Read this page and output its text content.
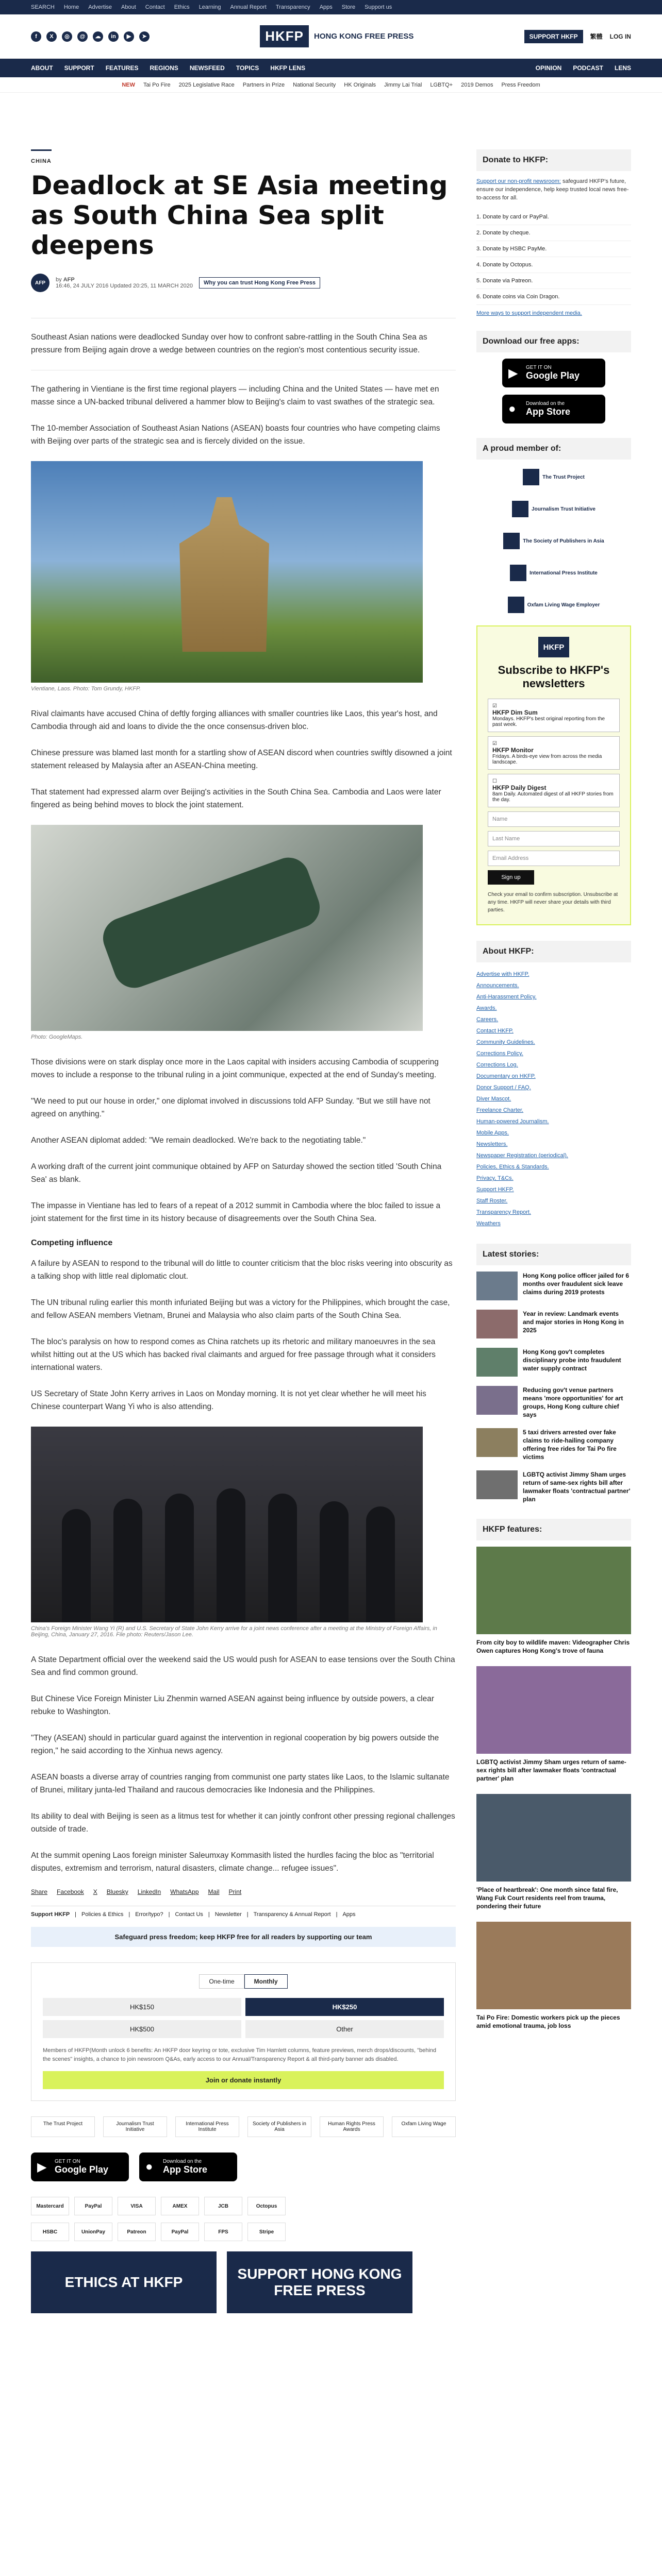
SEARCH Home Advertise About Contact Ethics Learning Annual Report Transparency Apps Store Support us
f	X	◎	@	☁	in	▶	➤	HKFP	HONG KONG FREE PRESS	SUPPORT HKFP	繁體 LOG IN
ABOUT SUPPORT FEATURES REGIONS NEWSFEED TOPICS HKFP LENS	OPINION PODCAST LENS
NEW Tai Po Fire 2025 Legislative Race Partners in Prize National Security HK Originals Jimmy Lai Trial LGBTQ+ 2019 Demos Press Freedom
CHINA
Deadlock at SE Asia meeting as South China Sea split deepens
AFP	by AFP
16:46, 24 JULY 2016 Updated 20:25, 11 MARCH 2020	Why you can trust Hong Kong Free Press

Southeast Asian nations were deadlocked Sunday over how to confront sabre-rattling in the South China Sea as pressure from Beijing again drove a wedge between countries on the region's most contentious security issue.

The gathering in Vientiane is the first time regional players — including China and the United States — have met en masse since a UN-backed tribunal delivered a hammer blow to Beijing's claim to vast swathes of the strategic sea.

The 10-member Association of Southeast Asian Nations (ASEAN) boasts four countries who have competing claims with Beijing over parts of the strategic sea and is fiercely divided on the issue.

Vientiane, Laos. Photo: Tom Grundy, HKFP.

Rival claimants have accused China of deftly forging alliances with smaller countries like Laos, this year's host, and Cambodia through aid and loans to divide the the once consensus-driven bloc.

Chinese pressure was blamed last month for a startling show of ASEAN discord when countries swiftly disowned a joint statement released by Malaysia after an ASEAN-China meeting.

That statement had expressed alarm over Beijing's activities in the South China Sea. Cambodia and Laos were later fingered as being behind moves to block the joint statement.

Photo: GoogleMaps.

Those divisions were on stark display once more in the Laos capital with insiders accusing Cambodia of scuppering moves to include a response to the tribunal ruling in a joint communique, expected at the end of Sunday's meeting.

"We need to put our house in order," one diplomat involved in discussions told AFP Sunday. "But we still have not agreed on anything."

Another ASEAN diplomat added: "We remain deadlocked. We're back to the negotiating table."

A working draft of the current joint communique obtained by AFP on Saturday showed the section titled 'South China Sea' as blank.

The impasse in Vientiane has led to fears of a repeat of a 2012 summit in Cambodia where the bloc failed to issue a joint statement for the first time in its history because of disagreements over the South China Sea.

Competing influence

A failure by ASEAN to respond to the tribunal will do little to counter criticism that the bloc risks veering into obscurity as a talking shop with little real diplomatic clout.

The UN tribunal ruling earlier this month infuriated Beijing but was a victory for the Philippines, which brought the case, and fellow ASEAN members Vietnam, Brunei and Malaysia who also claim parts of the South China Sea.

The bloc's paralysis on how to respond comes as China ratchets up its rhetoric and military manoeuvres in the sea whilst hitting out at the US which has backed rival claimants and argued for free passage through what it considers international waters.

US Secretary of State John Kerry arrives in Laos on Monday morning. It is not yet clear whether he will meet his Chinese counterpart Wang Yi who is also attending.

China's Foreign Minister Wang Yi (R) and U.S. Secretary of State John Kerry arrive for a joint news conference after a meeting at the Ministry of Foreign Affairs, in Beijing, China, January 27, 2016. File photo: Reuters/Jason Lee.

A State Department official over the weekend said the US would push for ASEAN to ease tensions over the South China Sea and find common ground.

But Chinese Vice Foreign Minister Liu Zhenmin warned ASEAN against being influence by outside powers, a clear rebuke to Washington.

"They (ASEAN) should in particular guard against the intervention in regional cooperation by big powers outside the region," he said according to the Xinhua news agency.

ASEAN boasts a diverse array of countries ranging from communist one party states like Laos, to the Islamic sultanate of Brunei, military junta-led Thailand and raucous democracies like Indonesia and the Philippines.

Its ability to deal with Beijing is seen as a litmus test for whether it can jointly confront other pressing regional challenges outside of trade.

At the summit opening Laos foreign minister Saleumxay Kommasith listed the hurdles facing the bloc as "territorial disputes, extremism and terrorism, natural disasters, climate change... refugee issues".

Share Facebook X Bluesky LinkedIn WhatsApp Mail Print
Support HKFP | Policies & Ethics | Error/typo? | Contact Us | Newsletter | Transparency & Annual Report | Apps
Safeguard press freedom; keep HKFP free for all readers by supporting our team
One-time	Monthly
HK$150	HK$250
HK$500	Other
Members of HKFP(Month unlock 6 benefits: An HKFP door keyring or tote, exclusive Tim Hamlett columns, feature previews, merch drops/discounts, "behind the scenes" insights, a chance to join newsroom Q&As, early access to our Annual/Transparency Report & all third-party banner ads disabled.
Join or donate instantly
The Trust Project	Journalism Trust Initiative
International Press Institute
Society of Publishers in Asia
Human Rights Press Awards
Oxfam Living Wage
▶ GET IT ON
Google Play	● Download on the
App Store
Mastercard	PayPal	VISA	AMEX	JCB	Octopus
HSBC	UnionPay	Patreon	PayPal	FPS	Stripe
ETHICS AT HKFP
SUPPORT HONG KONG FREE PRESS
Donate to HKFP:
Support our non-profit newsroom: safeguard HKFP's future, ensure our independence, help keep trusted local news free-to-access for all.
1. Donate by card or PayPal.
2. Donate by cheque.
3. Donate by HSBC PayMe.
4. Donate by Octopus.
5. Donate via Patreon.
6. Donate coins via Coin Dragon.
More ways to support independent media.
Download our free apps:
▶ GET IT ON
Google Play
● Download on the
App Store
A proud member of:
The Trust Project
Journalism Trust Initiative
The Society of Publishers in Asia
International Press Institute
Oxfam Living Wage Employer
HKFP
Subscribe to HKFP's newsletters
☑
HKFP Dim Sum
Mondays. HKFP's best original reporting from the past week.
☑
HKFP Monitor
Fridays. A birds-eye view from across the media landscape.
☐
HKFP Daily Digest
8am Daily. Automated digest of all HKFP stories from the day.
Name
Last Name
Email Address
Sign up
Check your email to confirm subscription. Unsubscribe at any time. HKFP will never share your details with third parties.
About HKFP:
Advertise with HKFP.
Announcements.
Anti-Harassment Policy.
Awards.
Careers.
Contact HKFP.
Community Guidelines.
Corrections Policy.
Corrections Log.
Documentary on HKFP.
Donor Support / FAQ.
Diver Mascot.
Freelance Charter.
Human-powered Journalism.
Mobile Apps.
Newsletters.
Newspaper Registration (periodical).
Policies, Ethics & Standards.
Privacy, T&Cs.
Support HKFP.
Staff Roster.
Transparency Report.
Weathers
Latest stories:
Hong Kong police officer jailed for 6 months over fraudulent sick leave claims during 2019 protests
Year in review: Landmark events and major stories in Hong Kong in 2025
Hong Kong gov't completes disciplinary probe into fraudulent water supply contract
Reducing gov't venue partners means 'more opportunities' for art groups, Hong Kong culture chief says
5 taxi drivers arrested over fake claims to ride-hailing company offering free rides for Tai Po fire victims
LGBTQ activist Jimmy Sham urges return of same-sex rights bill after lawmaker floats 'contractual partner' plan
HKFP features:
From city boy to wildlife maven: Videographer Chris Owen captures Hong Kong's trove of fauna
LGBTQ activist Jimmy Sham urges return of same-sex rights bill after lawmaker floats 'contractual partner' plan
'Place of heartbreak': One month since fatal fire, Wang Fuk Court residents reel from trauma, pondering their future
Tai Po Fire: Domestic workers pick up the pieces amid emotional trauma, job loss
